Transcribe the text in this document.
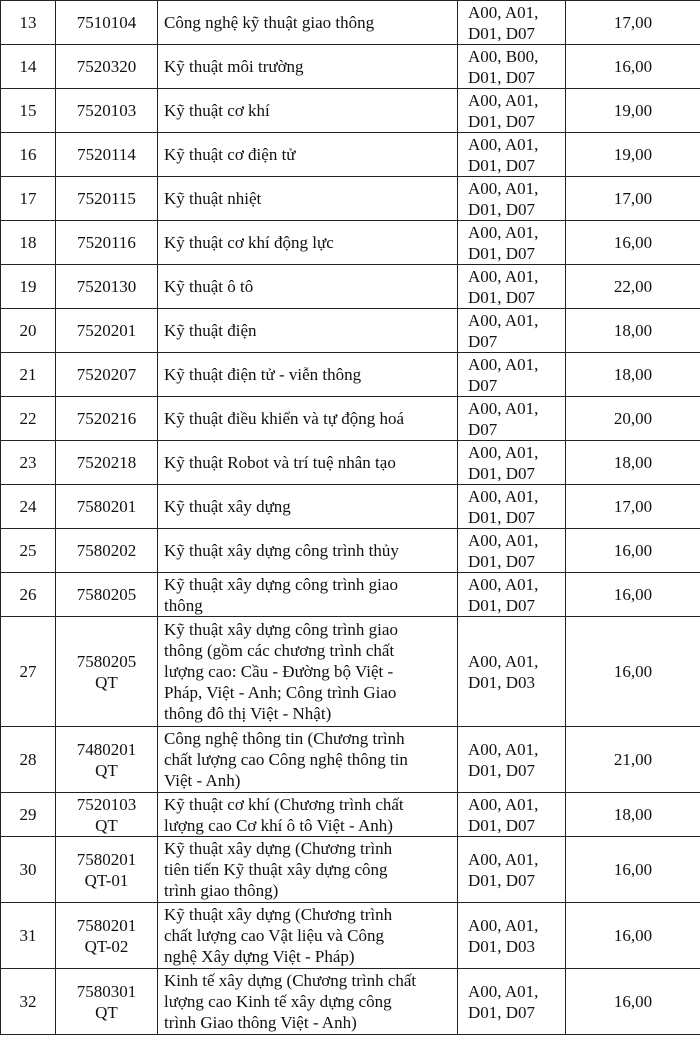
13	7510104	Công nghệ kỹ thuật giao thông	A00, A01,
D01, D07	17,00

14	7520320	Kỹ thuật môi trường	A00, B00,
D01, D07	16,00

15	7520103	Kỹ thuật cơ khí	A00, A01,
D01, D07	19,00

16	7520114	Kỹ thuật cơ điện tử	A00, A01,
D01, D07	19,00

17	7520115	Kỹ thuật nhiệt	A00, A01,
D01, D07	17,00

18	7520116	Kỹ thuật cơ khí động lực	A00, A01,
D01, D07	16,00

19	7520130	Kỹ thuật ô tô	A00, A01,
D01, D07	22,00

20	7520201	Kỹ thuật điện	A00, A01,
D07	18,00

21	7520207	Kỹ thuật điện tử - viễn thông	A00, A01,
D07	18,00

22	7520216	Kỹ thuật điều khiển và tự động hoá	A00, A01,
D07	20,00

23	7520218	Kỹ thuật Robot và trí tuệ nhân tạo	A00, A01,
D01, D07	18,00

24	7580201	Kỹ thuật xây dựng	A00, A01,
D01, D07	17,00

25	7580202	Kỹ thuật xây dựng công trình thủy	A00, A01,
D01, D07	16,00

26	7580205	Kỹ thuật xây dựng công trình giao
thông	A00, A01,
D01, D07	16,00

27	7580205
QT	Kỹ thuật xây dựng công trình giao
thông (gồm các chương trình chất
lượng cao: Cầu - Đường bộ Việt -
Pháp, Việt - Anh; Công trình Giao
thông đô thị Việt - Nhật)	A00, A01,
D01, D03	16,00

28	7480201
QT	Công nghệ thông tin (Chương trình
chất lượng cao Công nghệ thông tin
Việt - Anh)	A00, A01,
D01, D07	21,00

29	7520103
QT	Kỹ thuật cơ khí (Chương trình chất
lượng cao Cơ khí ô tô Việt - Anh)	A00, A01,
D01, D07	18,00

30	7580201
QT-01	Kỹ thuật xây dựng (Chương trình
tiên tiến Kỹ thuật xây dựng công
trình giao thông)	A00, A01,
D01, D07	16,00

31	7580201
QT-02	Kỹ thuật xây dựng (Chương trình
chất lượng cao Vật liệu và Công
nghệ Xây dựng Việt - Pháp)	A00, A01,
D01, D03	16,00

32	7580301
QT	Kinh tế xây dựng (Chương trình chất
lượng cao Kinh tế xây dựng công
trình Giao thông Việt - Anh)	A00, A01,
D01, D07	16,00
